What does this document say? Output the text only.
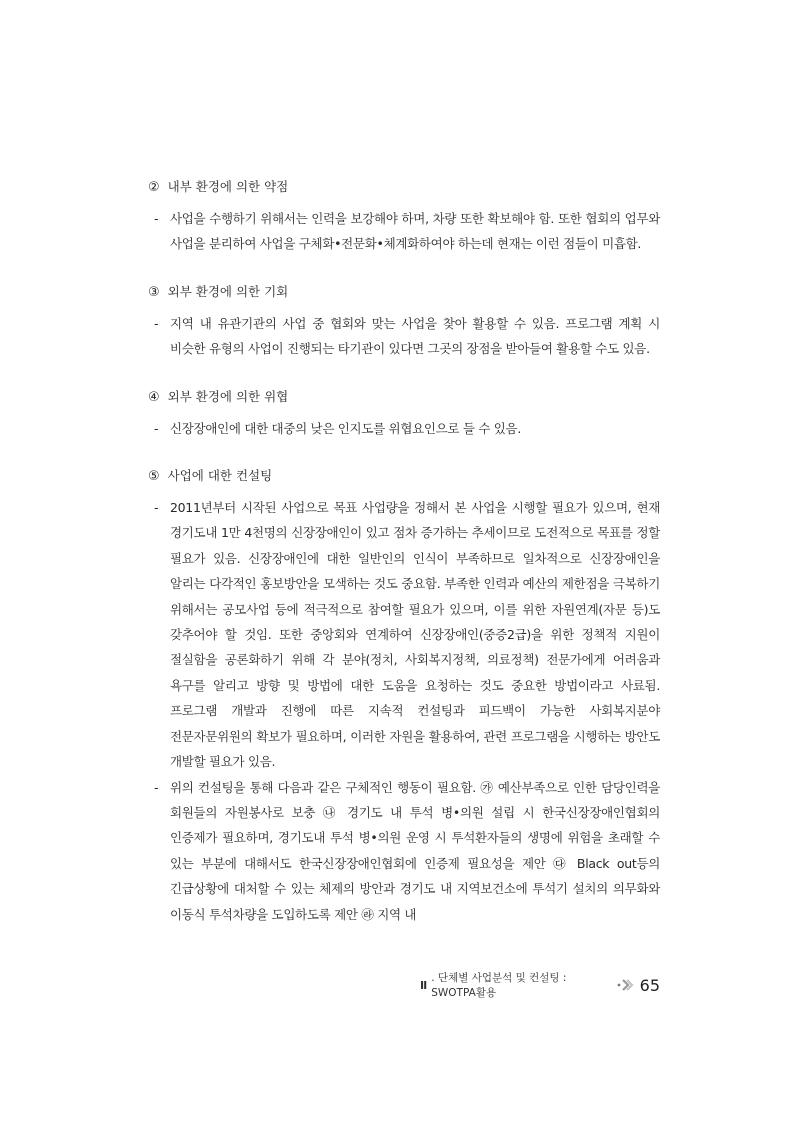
② 내부 환경에 의한 약점

- 사업을 수행하기 위해서는 인력을 보강해야 하며, 차량 또한 확보해야 함. 또한 협회의 업무와 사업을 분리하여 사업을 구체화•전문화•체계화하여야 하는데 현재는 이런 점들이 미흡함.

③ 외부 환경에 의한 기회

- 지역 내 유관기관의 사업 중 협회와 맞는 사업을 찾아 활용할 수 있음. 프로그램 계획 시 비슷한 유형의 사업이 진행되는 타기관이 있다면 그곳의 장점을 받아들여 활용할 수도 있음.

④ 외부 환경에 의한 위협

- 신장장애인에 대한 대중의 낮은 인지도를 위협요인으로 들 수 있음.

⑤ 사업에 대한 컨설팅

- 2011년부터 시작된 사업으로 목표 사업량을 정해서 본 사업을 시행할 필요가 있으며, 현재 경기도내 1만 4천명의 신장장애인이 있고 점차 증가하는 추세이므로 도전적으로 목표를 정할 필요가 있음. 신장장애인에 대한 일반인의 인식이 부족하므로 일차적으로 신장장애인을 알리는 다각적인 홍보방안을 모색하는 것도 중요함. 부족한 인력과 예산의 제한점을 극복하기 위해서는 공모사업 등에 적극적으로 참여할 필요가 있으며, 이를 위한 자원연계(자문 등)도 갖추어야 할 것임. 또한 중앙회와 연계하여 신장장애인(중증2급)을 위한 정책적 지원이 절실함을 공론화하기 위해 각 분야(정치, 사회복지정책, 의료정책) 전문가에게 어려움과 욕구를 알리고 방향 및 방법에 대한 도움을 요청하는 것도 중요한 방법이라고 사료됨. 프로그램 개발과 진행에 따른 지속적 컨설팅과 피드백이 가능한 사회복지분야 전문자문위원의 확보가 필요하며, 이러한 자원을 활용하여, 관련 프로그램을 시행하는 방안도 개발할 필요가 있음.

- 위의 컨설팅을 통해 다음과 같은 구체적인 행동이 필요함. ㉮ 예산부족으로 인한 담당인력을 회원들의 자원봉사로 보충 ㉯ 경기도 내 투석 병•의원 설립 시 한국신장장애인협회의 인증제가 필요하며, 경기도내 투석 병•의원 운영 시 투석환자들의 생명에 위험을 초래할 수 있는 부분에 대해서도 한국신장장애인협회에 인증제 필요성을 제안 ㉰ Black out등의 긴급상황에 대처할 수 있는 체제의 방안과 경기도 내 지역보건소에 투석기 설치의 의무화와 이동식 투석차량을 도입하도록 제안 ㉱ 지역 내

Ⅱ
. 단체별 사업분석 및 컨설팅 : SWOTPA활용	65
